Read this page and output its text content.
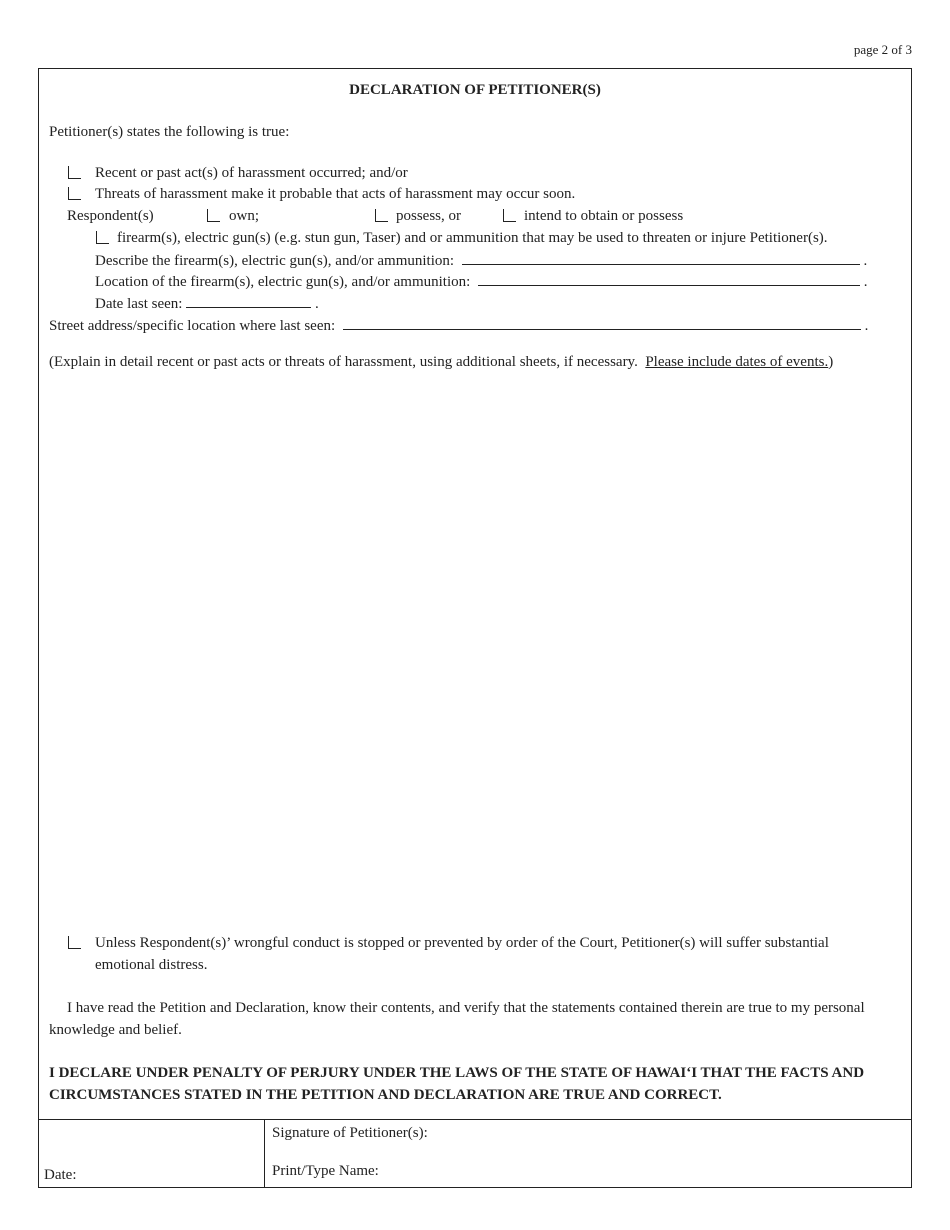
page 2 of 3
DECLARATION OF PETITIONER(S)
Petitioner(s) states the following is true:
Recent or past act(s) of harassment occurred; and/or
Threats of harassment make it probable that acts of harassment may occur soon.
Respondent(s)	own;	possess, or	intend to obtain or possess
firearm(s), electric gun(s) (e.g. stun gun, Taser) and or ammunition that may be used to threaten or injure Petitioner(s).
Describe the firearm(s), electric gun(s), and/or ammunition:	.
Location of the firearm(s), electric gun(s), and/or ammunition:	.
Date last seen:	.
Street address/specific location where last seen:	.
(Explain in detail recent or past acts or threats of harassment, using additional sheets, if necessary. Please include dates of events.)
Unless Respondent(s)’ wrongful conduct is stopped or prevented by order of the Court, Petitioner(s) will suffer substantial
emotional distress.
I have read the Petition and Declaration, know their contents, and verify that the statements contained therein are true to my personal
knowledge and belief.
I DECLARE UNDER PENALTY OF PERJURY UNDER THE LAWS OF THE STATE OF HAWAI‘I THAT THE FACTS AND
CIRCUMSTANCES STATED IN THE PETITION AND DECLARATION ARE TRUE AND CORRECT.
Date:
Signature of Petitioner(s):
Print/Type Name:
